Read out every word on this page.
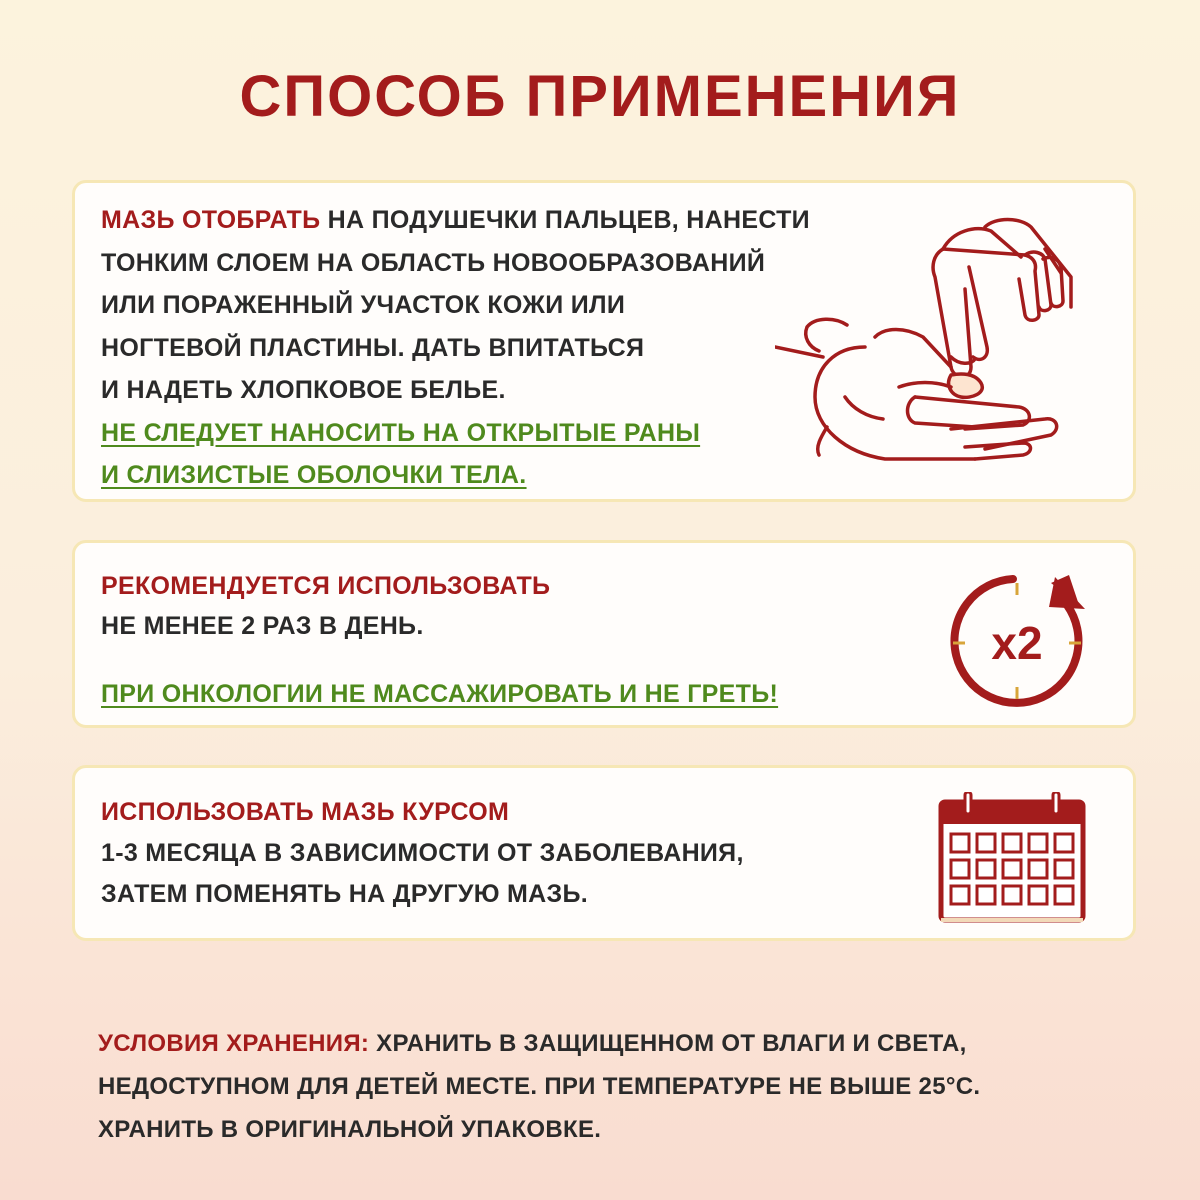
СПОСОБ ПРИМЕНЕНИЯ
МАЗЬ ОТОБРАТЬ НА ПОДУШЕЧКИ ПАЛЬЦЕВ, НАНЕСТИ
ТОНКИМ СЛОЕМ НА ОБЛАСТЬ НОВООБРАЗОВАНИЙ
ИЛИ ПОРАЖЕННЫЙ УЧАСТОК КОЖИ ИЛИ
НОГТЕВОЙ ПЛАСТИНЫ. ДАТЬ ВПИТАТЬСЯ
И НАДЕТЬ ХЛОПКОВОЕ БЕЛЬЕ.
НЕ СЛЕДУЕТ НАНОСИТЬ НА ОТКРЫТЫЕ РАНЫ
И СЛИЗИСТЫЕ ОБОЛОЧКИ ТЕЛА.
РЕКОМЕНДУЕТСЯ ИСПОЛЬЗОВАТЬ
НЕ МЕНЕЕ 2 РАЗ В ДЕНЬ.
ПРИ ОНКОЛОГИИ НЕ МАССАЖИРОВАТЬ И НЕ ГРЕТЬ!
x2
ИСПОЛЬЗОВАТЬ МАЗЬ КУРСОМ
1-3 МЕСЯЦА В ЗАВИСИМОСТИ ОТ ЗАБОЛЕВАНИЯ,
ЗАТЕМ ПОМЕНЯТЬ НА ДРУГУЮ МАЗЬ.
УСЛОВИЯ ХРАНЕНИЯ: ХРАНИТЬ В ЗАЩИЩЕННОМ ОТ ВЛАГИ И СВЕТА,
НЕДОСТУПНОМ ДЛЯ ДЕТЕЙ МЕСТЕ. ПРИ ТЕМПЕРАТУРЕ НЕ ВЫШЕ 25°С.
ХРАНИТЬ В ОРИГИНАЛЬНОЙ УПАКОВКЕ.
